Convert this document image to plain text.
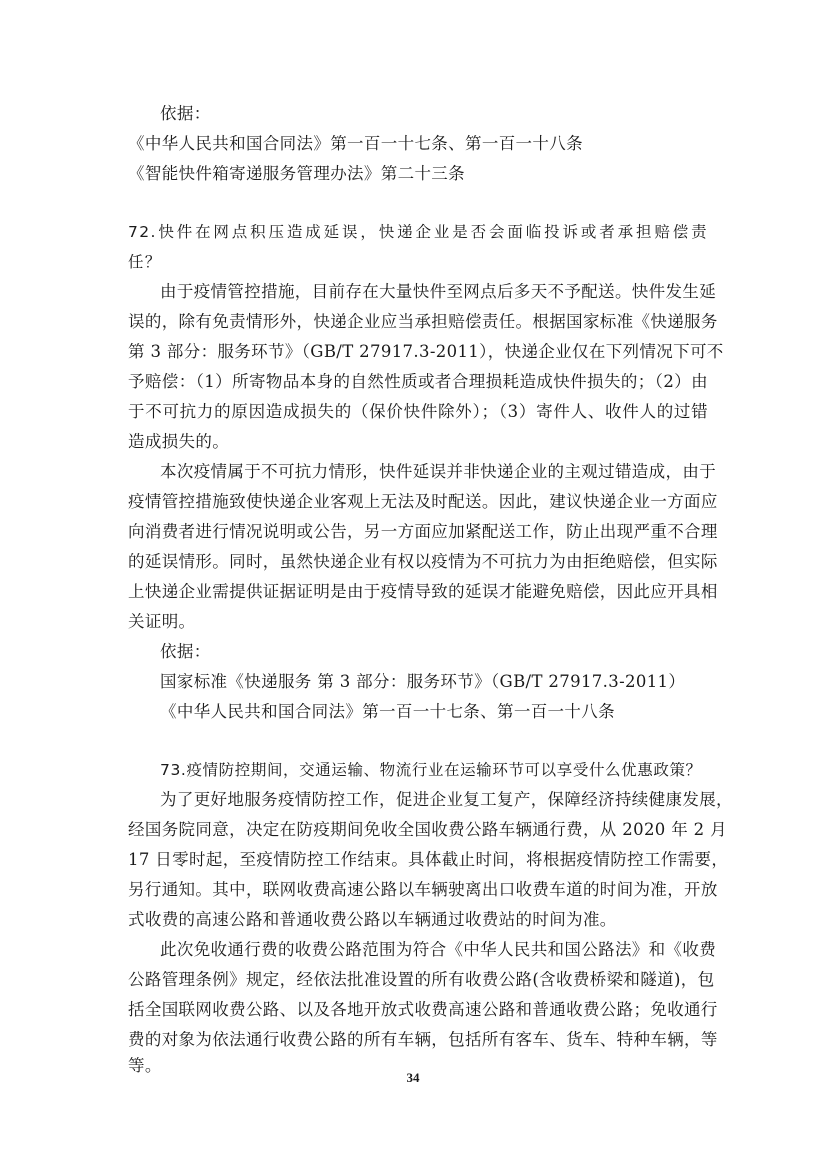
依据：
《中华人民共和国合同法》第一百一十七条、第一百一十八条
《智能快件箱寄递服务管理办法》第二十三条
72.快件在网点积压造成延误，快递企业是否会面临投诉或者承担赔偿责
任？
由于疫情管控措施，目前存在大量快件至网点后多天不予配送。快件发生延
误的，除有免责情形外，快递企业应当承担赔偿责任。根据国家标准《快递服务
第 3 部分：服务环节》（GB/T 27917.3-2011），快递企业仅在下列情况下可不
予赔偿：（1）所寄物品本身的自然性质或者合理损耗造成快件损失的；（2）由
于不可抗力的原因造成损失的（保价快件除外）；（3）寄件人、收件人的过错
造成损失的。
本次疫情属于不可抗力情形，快件延误并非快递企业的主观过错造成，由于
疫情管控措施致使快递企业客观上无法及时配送。因此，建议快递企业一方面应
向消费者进行情况说明或公告，另一方面应加紧配送工作，防止出现严重不合理
的延误情形。同时，虽然快递企业有权以疫情为不可抗力为由拒绝赔偿，但实际
上快递企业需提供证据证明是由于疫情导致的延误才能避免赔偿，因此应开具相
关证明。
依据：
国家标准《快递服务 第 3 部分：服务环节》（GB/T 27917.3-2011）
《中华人民共和国合同法》第一百一十七条、第一百一十八条
73.疫情防控期间，交通运输、物流行业在运输环节可以享受什么优惠政策？
为了更好地服务疫情防控工作，促进企业复工复产，保障经济持续健康发展，
经国务院同意，决定在防疫期间免收全国收费公路车辆通行费，从 2020 年 2 月
17 日零时起，至疫情防控工作结束。具体截止时间，将根据疫情防控工作需要，
另行通知。其中，联网收费高速公路以车辆驶离出口收费车道的时间为准，开放
式收费的高速公路和普通收费公路以车辆通过收费站的时间为准。
此次免收通行费的收费公路范围为符合《中华人民共和国公路法》和《收费
公路管理条例》规定，经依法批准设置的所有收费公路(含收费桥梁和隧道)，包
括全国联网收费公路、以及各地开放式收费高速公路和普通收费公路；免收通行
费的对象为依法通行收费公路的所有车辆，包括所有客车、货车、特种车辆，等
等。
34
